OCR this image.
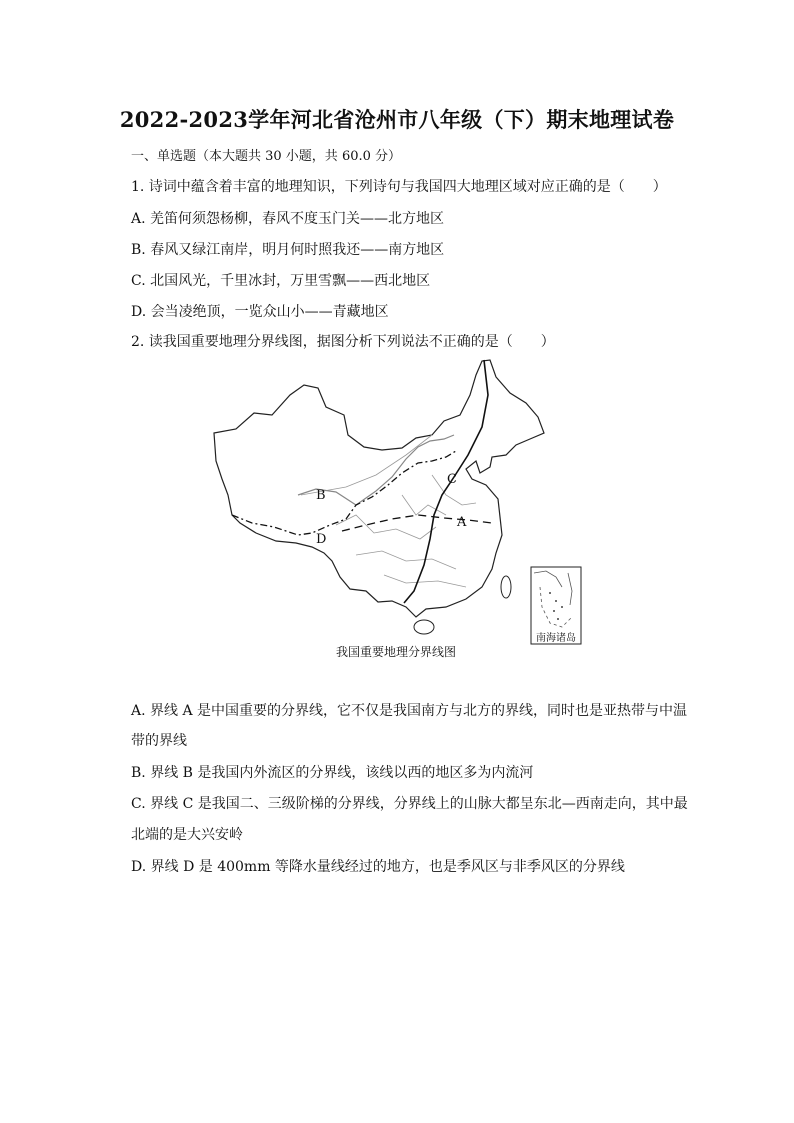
2022-2023学年河北省沧州市八年级（下）期末地理试卷
一、单选题（本大题共 30 小题，共 60.0 分）
1. 诗词中蕴含着丰富的地理知识，下列诗句与我国四大地理区域对应正确的是（　　）
A. 羌笛何须怨杨柳，春风不度玉门关——北方地区
B. 春风又绿江南岸，明月何时照我还——南方地区
C. 北国风光，千里冰封，万里雪飘——西北地区
D. 会当凌绝顶，一览众山小——青藏地区
2. 读我国重要地理分界线图，据图分析下列说法不正确的是（　　）
B
D
A
C
南海诸岛
我国重要地理分界线图
A. 界线 A 是中国重要的分界线，它不仅是我国南方与北方的界线，同时也是亚热带与中温
带的界线
B. 界线 B 是我国内外流区的分界线，该线以西的地区多为内流河
C. 界线 C 是我国二、三级阶梯的分界线，分界线上的山脉大都呈东北—西南走向，其中最
北端的是大兴安岭
D. 界线 D 是 400mm 等降水量线经过的地方，也是季风区与非季风区的分界线
